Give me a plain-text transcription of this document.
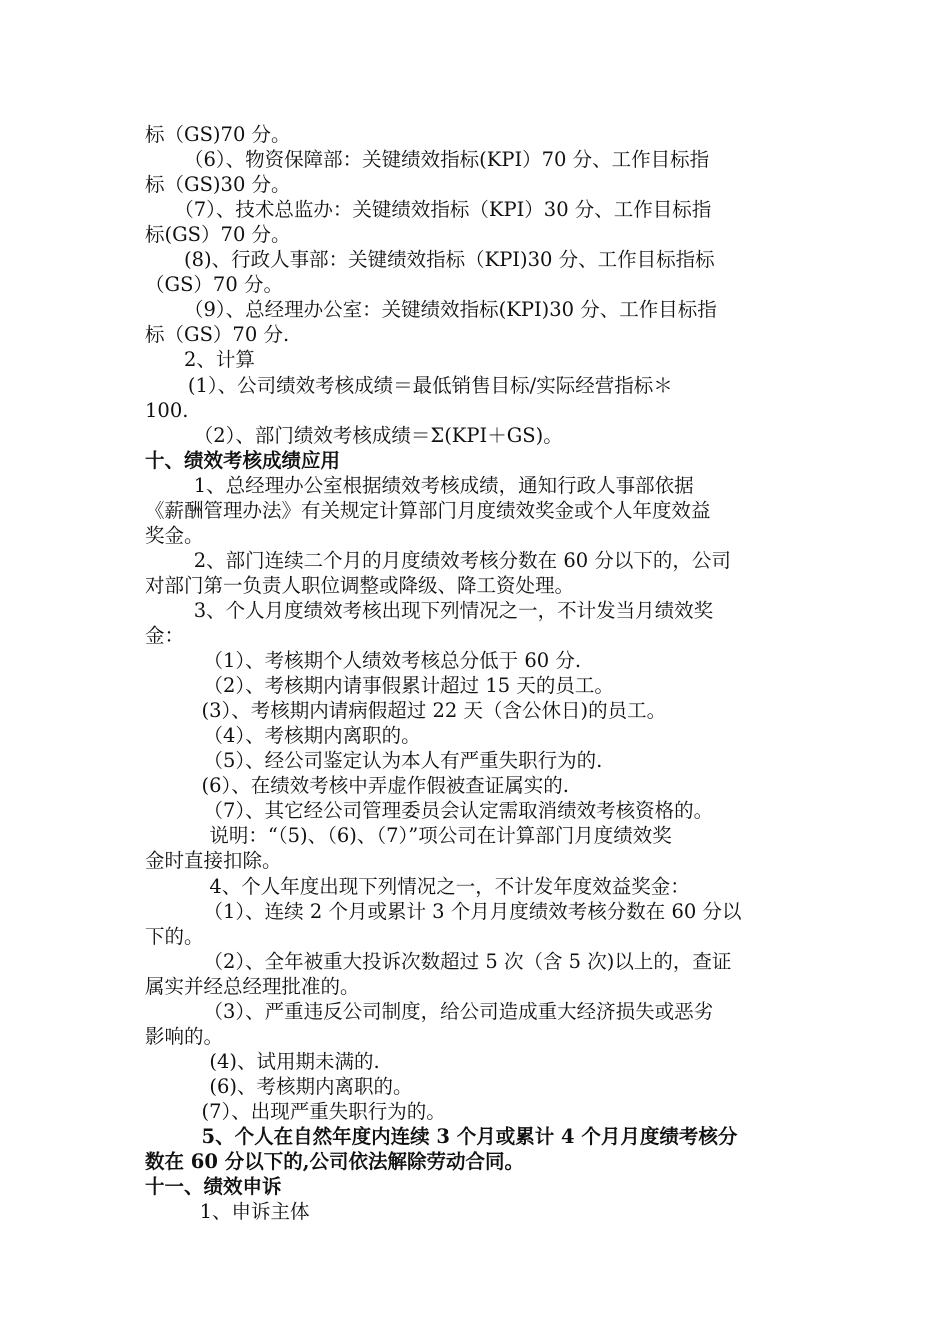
标（GS)70 分。
（6）、物资保障部：关键绩效指标(KPI）70 分、工作目标指
标（GS)30 分。
（7）、技术总监办：关键绩效指标（KPI）30 分、工作目标指
标(GS）70 分。
(8)、行政人事部：关键绩效指标（KPI)30 分、工作目标指标
（GS）70 分。
（9）、总经理办公室：关键绩效指标(KPI)30 分、工作目标指
标（GS）70 分.
2、计算
(1）、公司绩效考核成绩＝最低销售目标/实际经营指标＊
100.
（2）、部门绩效考核成绩＝Σ(KPI＋GS)。
十、绩效考核成绩应用
1、总经理办公室根据绩效考核成绩，通知行政人事部依据
《薪酬管理办法》有关规定计算部门月度绩效奖金或个人年度效益
奖金。
2、部门连续二个月的月度绩效考核分数在 60 分以下的，公司
对部门第一负责人职位调整或降级、降工资处理。
3、个人月度绩效考核出现下列情况之一，不计发当月绩效奖
金：
（1）、考核期个人绩效考核总分低于 60 分.
（2）、考核期内请事假累计超过 15 天的员工。
(3）、考核期内请病假超过 22 天（含公休日)的员工。
（4）、考核期内离职的。
（5）、经公司鉴定认为本人有严重失职行为的.
(6）、在绩效考核中弄虚作假被查证属实的.
（7）、其它经公司管理委员会认定需取消绩效考核资格的。
说明：“（5)、（6)、（7）”项公司在计算部门月度绩效奖
金时直接扣除。
4、个人年度出现下列情况之一，不计发年度效益奖金：
（1）、连续 2 个月或累计 3 个月月度绩效考核分数在 60 分以
下的。
（2）、全年被重大投诉次数超过 5 次（含 5 次)以上的，查证
属实并经总经理批准的。
（3）、严重违反公司制度，给公司造成重大经济损失或恶劣
影响的。
(4)、试用期未满的.
(6)、考核期内离职的。
(7）、出现严重失职行为的。
5、个人在自然年度内连续 3 个月或累计 4 个月月度绩考核分
数在 60 分以下的,公司依法解除劳动合同。
十一、绩效申诉
1、申诉主体
